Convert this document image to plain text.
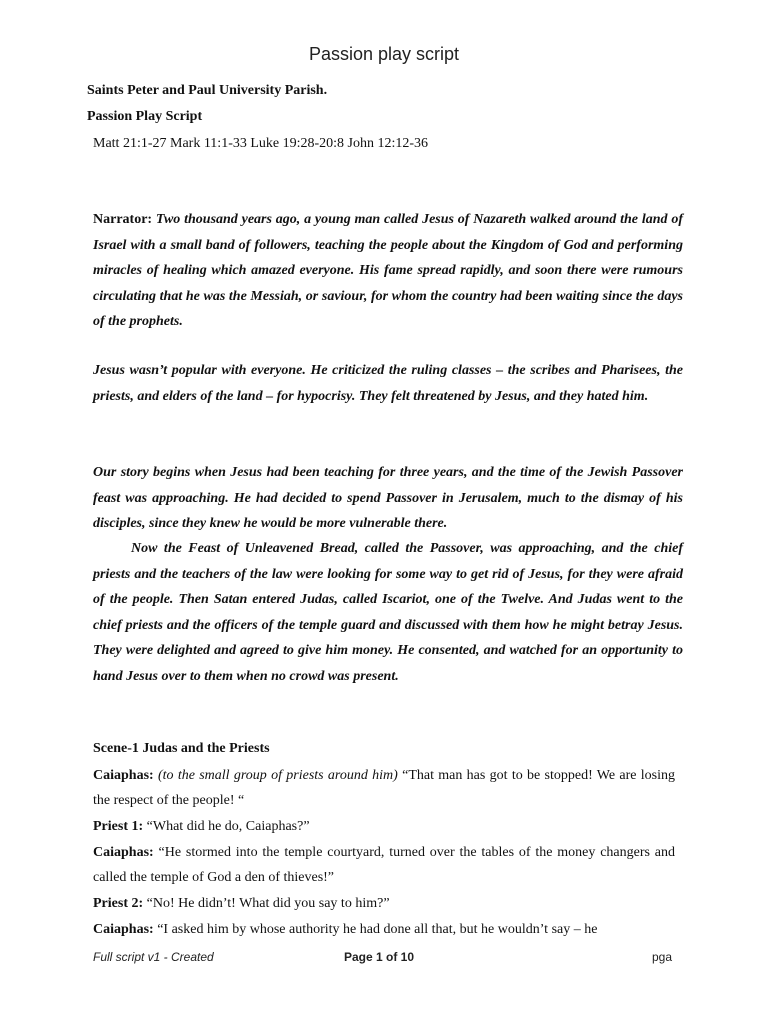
Passion play script
Saints Peter and Paul University Parish.
Passion Play Script
Matt 21:1-27 Mark 11:1-33 Luke 19:28-20:8 John 12:12-36

Narrator: Two thousand years ago, a young man called Jesus of Nazareth walked around the land of Israel with a small band of followers, teaching the people about the Kingdom of God and performing miracles of healing which amazed everyone. His fame spread rapidly, and soon there were rumours circulating that he was the Messiah, or saviour, for whom the country had been waiting since the days of the prophets.

Jesus wasn’t popular with everyone. He criticized the ruling classes – the scribes and Pharisees, the priests, and elders of the land – for hypocrisy. They felt threatened by Jesus, and they hated him.

Our story begins when Jesus had been teaching for three years, and the time of the Jewish Passover feast was approaching. He had decided to spend Passover in Jerusalem, much to the dismay of his disciples, since they knew he would be more vulnerable there.

Now the Feast of Unleavened Bread, called the Passover, was approaching, and the chief priests and the teachers of the law were looking for some way to get rid of Jesus, for they were afraid of the people. Then Satan entered Judas, called Iscariot, one of the Twelve. And Judas went to the chief priests and the officers of the temple guard and discussed with them how he might betray Jesus. They were delighted and agreed to give him money. He consented, and watched for an opportunity to hand Jesus over to them when no crowd was present.

Scene-1 Judas and the Priests

Caiaphas: (to the small group of priests around him) “That man has got to be stopped! We are losing the respect of the people! “

Priest 1: “What did he do, Caiaphas?”

Caiaphas: “He stormed into the temple courtyard, turned over the tables of the money changers and called the temple of God a den of thieves!”

Priest 2: “No! He didn’t! What did you say to him?”

Caiaphas: “I asked him by whose authority he had done all that, but he wouldn’t say – he

Full script v1 - Created	Page 1 of 10	pga
